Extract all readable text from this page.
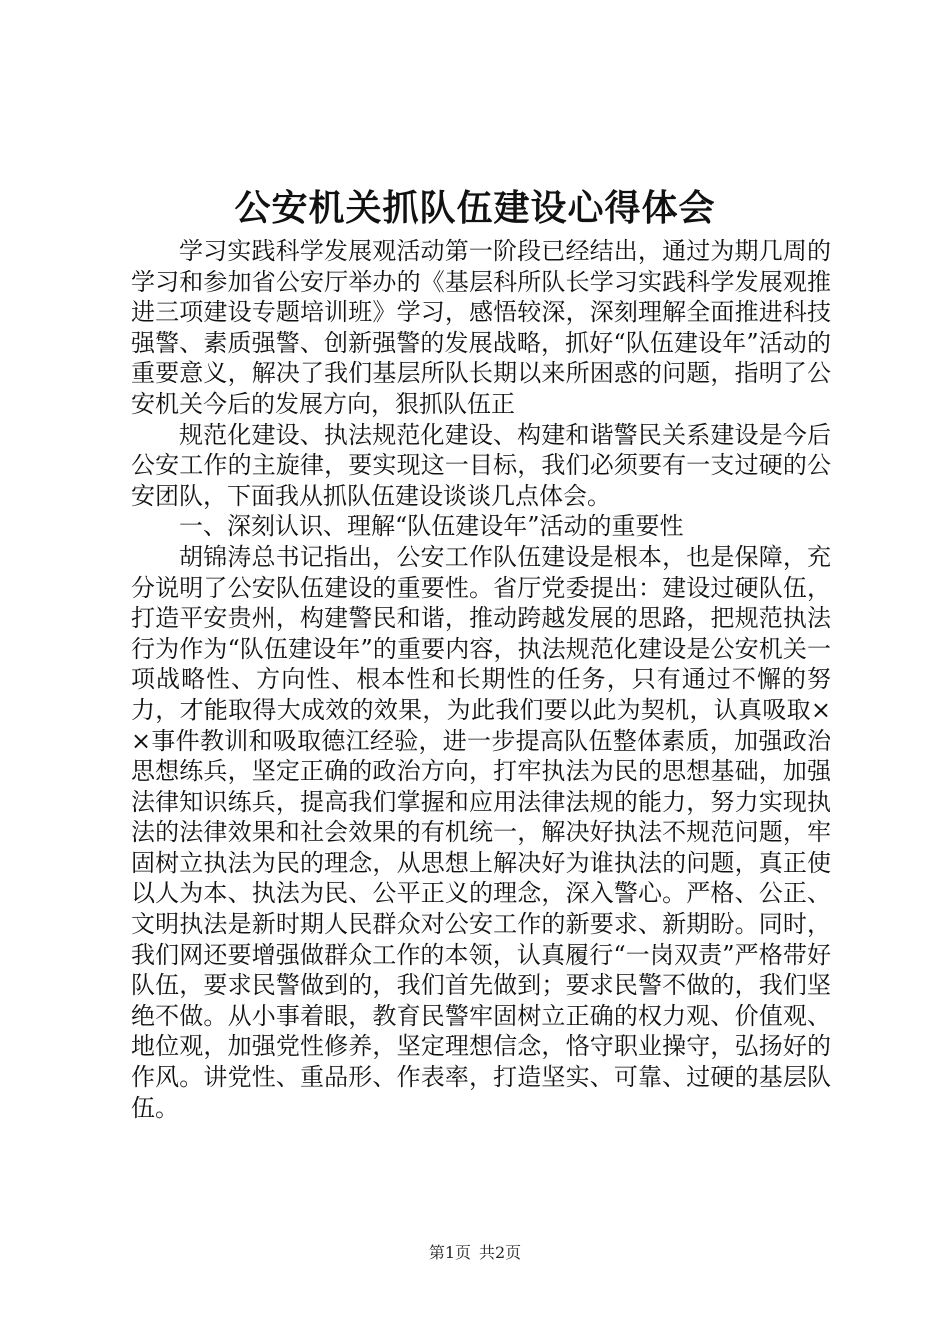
公安机关抓队伍建设心得体会

学习实践科学发展观活动第一阶段已经结出，通过为期几周的学习和参加省公安厅举办的《基层科所队长学习实践科学发展观推进三项建设专题培训班》学习，感悟较深，深刻理解全面推进科技强警、素质强警、创新强警的发展战略，抓好“队伍建设年”活动的重要意义，解决了我们基层所队长期以来所困惑的问题，指明了公安机关今后的发展方向，狠抓队伍正

规范化建设、执法规范化建设、构建和谐警民关系建设是今后公安工作的主旋律，要实现这一目标，我们必须要有一支过硬的公安团队，下面我从抓队伍建设谈谈几点体会。

一、深刻认识、理解“队伍建设年”活动的重要性

胡锦涛总书记指出，公安工作队伍建设是根本，也是保障，充分说明了公安队伍建设的重要性。省厅党委提出：建设过硬队伍，打造平安贵州，构建警民和谐，推动跨越发展的思路，把规范执法行为作为“队伍建设年”的重要内容，执法规范化建设是公安机关一项战略性、方向性、根本性和长期性的任务，只有通过不懈的努力，才能取得大成效的效果，为此我们要以此为契机，认真吸取××事件教训和吸取德江经验，进一步提高队伍整体素质，加强政治思想练兵，坚定正确的政治方向，打牢执法为民的思想基础，加强法律知识练兵，提高我们掌握和应用法律法规的能力，努力实现执法的法律效果和社会效果的有机统一，解决好执法不规范问题，牢固树立执法为民的理念，从思想上解决好为谁执法的问题，真正使以人为本、执法为民、公平正义的理念，深入警心。严格、公正、文明执法是新时期人民群众对公安工作的新要求、新期盼。同时，我们网还要增强做群众工作的本领，认真履行“一岗双责”严格带好队伍，要求民警做到的，我们首先做到；要求民警不做的，我们坚绝不做。从小事着眼，教育民警牢固树立正确的权力观、价值观、地位观，加强党性修养，坚定理想信念，恪守职业操守，弘扬好的作风。讲党性、重品形、作表率，打造坚实、可靠、过硬的基层队伍。

第1页 共2页
